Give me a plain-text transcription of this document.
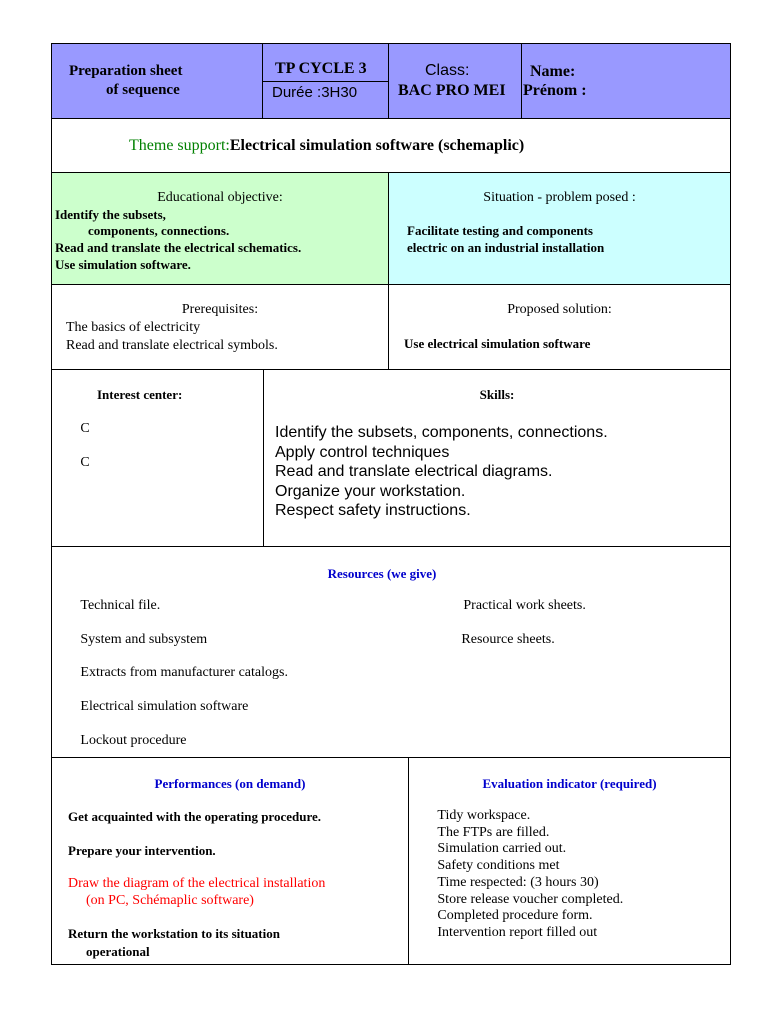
Preparation sheet
of sequence
TP CYCLE 3
Durée :3H30
Class:
BAC PRO MEI
Name:
Prénom :
Theme support:Electrical simulation software (schemaplic)
Educational objective:
Identify the subsets,
components, connections.
Read and translate the electrical schematics.
Use simulation software.
Situation - problem posed :
Facilitate testing and components
electric on an industrial installation
Prerequisites:
The basics of electricity
Read and translate electrical symbols.
Proposed solution:
Use electrical simulation software
Interest center:
C
C
Skills:
Identify the subsets, components, connections.
Apply control techniques
Read and translate electrical diagrams.
Organize your workstation.
Respect safety instructions.
Resources (we give)
Technical file.
System and subsystem
Extracts from manufacturer catalogs.
Electrical simulation software
Lockout procedure
Practical work sheets.
Resource sheets.
Performances (on demand)
Get acquainted with the operating procedure.
Prepare your intervention.
Draw the diagram of the electrical installation
(on PC, Schémaplic software)
Return the workstation to its situation
operational
Evaluation indicator (required)
Tidy workspace.
The FTPs are filled.
Simulation carried out.
Safety conditions met
Time respected: (3 hours 30)
Store release voucher completed.
Completed procedure form.
Intervention report filled out
